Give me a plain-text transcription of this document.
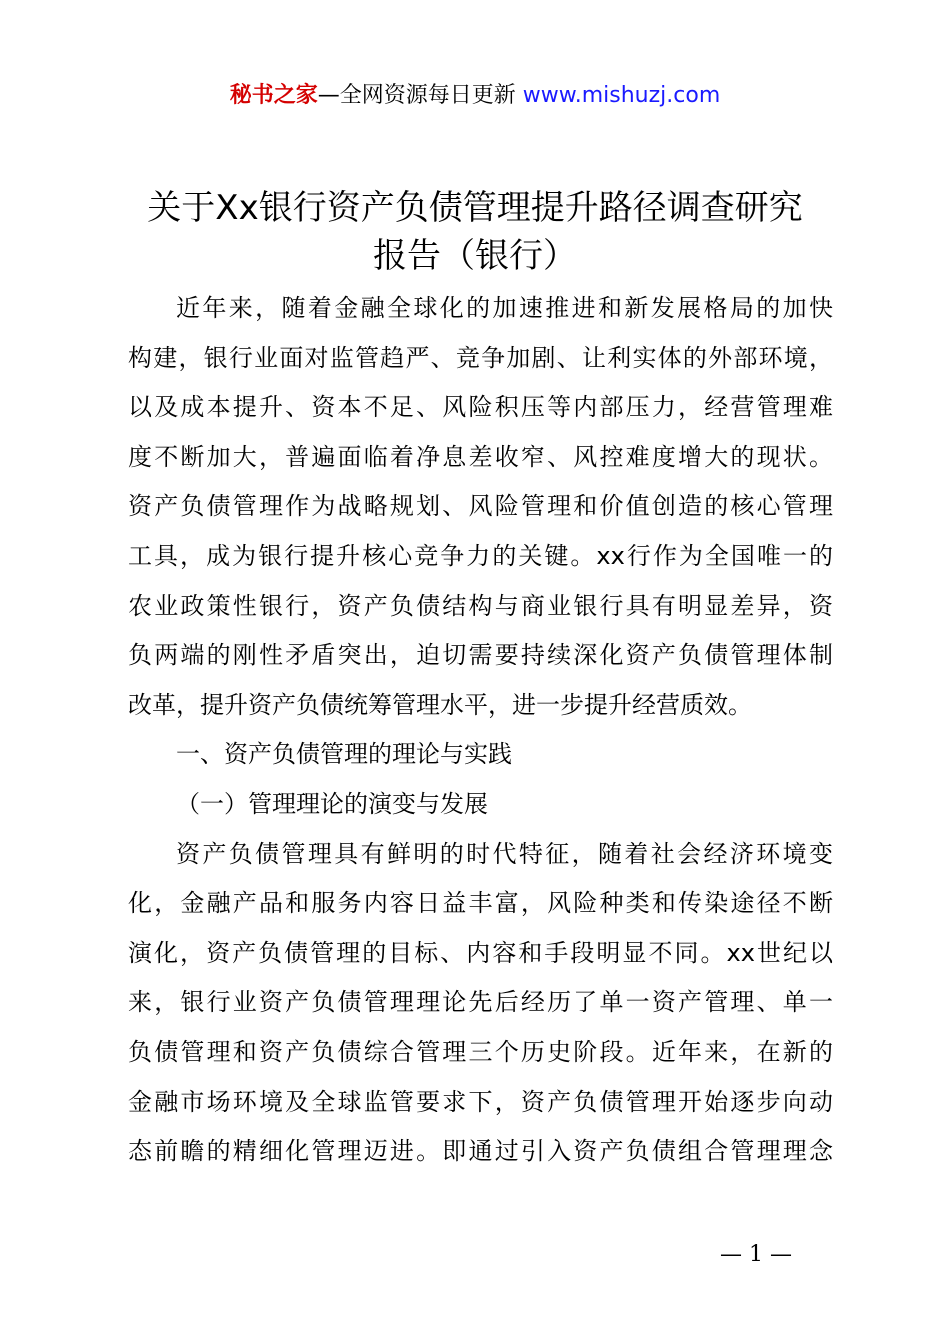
秘书之家—全网资源每日更新 www.mishuzj.com
关于Xx银行资产负债管理提升路径调查研究
报告（银行）
近年来，随着金融全球化的加速推进和新发展格局的加快
构建，银行业面对监管趋严、竞争加剧、让利实体的外部环境，
以及成本提升、资本不足、风险积压等内部压力，经营管理难
度不断加大，普遍面临着净息差收窄、风控难度增大的现状。
资产负债管理作为战略规划、风险管理和价值创造的核心管理
工具，成为银行提升核心竞争力的关键。xx行作为全国唯一的
农业政策性银行，资产负债结构与商业银行具有明显差异，资
负两端的刚性矛盾突出，迫切需要持续深化资产负债管理体制
改革，提升资产负债统筹管理水平，进一步提升经营质效。
一、资产负债管理的理论与实践
（一）管理理论的演变与发展
资产负债管理具有鲜明的时代特征，随着社会经济环境变
化，金融产品和服务内容日益丰富，风险种类和传染途径不断
演化，资产负债管理的目标、内容和手段明显不同。xx世纪以
来，银行业资产负债管理理论先后经历了单一资产管理、单一
负债管理和资产负债综合管理三个历史阶段。近年来，在新的
金融市场环境及全球监管要求下，资产负债管理开始逐步向动
态前瞻的精细化管理迈进。即通过引入资产负债组合管理理念
— 1 —
